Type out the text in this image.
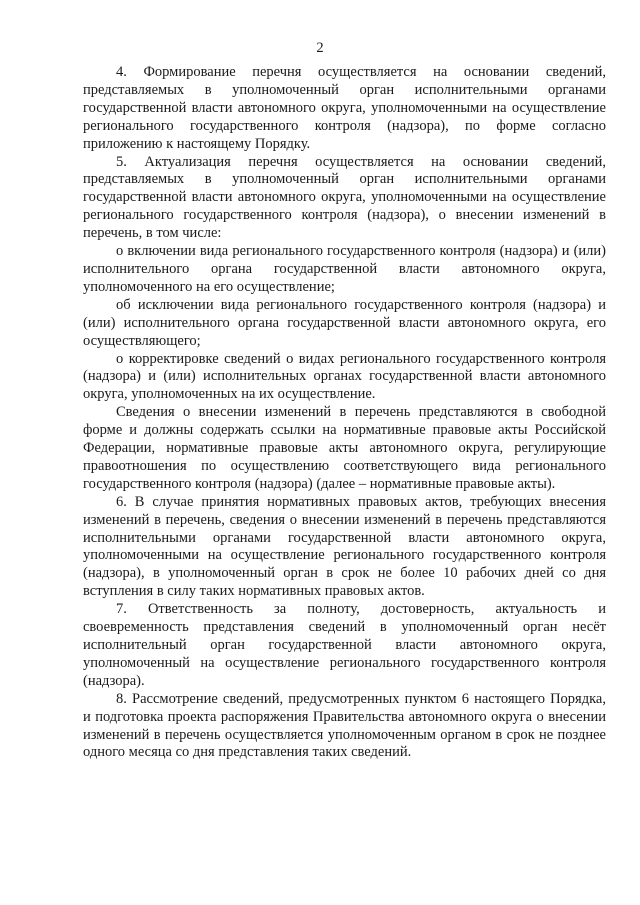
2

4. Формирование перечня осуществляется на основании сведений, представляемых в уполномоченный орган исполнительными органами государственной власти автономного округа, уполномоченными на осуществление регионального государственного контроля (надзора), по форме согласно приложению к настоящему Порядку.

5. Актуализация перечня осуществляется на основании сведений, представляемых в уполномоченный орган исполнительными органами государственной власти автономного округа, уполномоченными на осуществление регионального государственного контроля (надзора), о внесении изменений в перечень, в том числе:

о включении вида регионального государственного контроля (надзора) и (или) исполнительного органа государственной власти автономного округа, уполномоченного на его осуществление;

об исключении вида регионального государственного контроля (надзора) и (или) исполнительного органа государственной власти автономного округа, его осуществляющего;

о корректировке сведений о видах регионального государственного контроля (надзора) и (или) исполнительных органах государственной власти автономного округа, уполномоченных на их осуществление.

Сведения о внесении изменений в перечень представляются в свободной форме и должны содержать ссылки на нормативные правовые акты Российской Федерации, нормативные правовые акты автономного округа, регулирующие правоотношения по осуществлению соответствующего вида регионального государственного контроля (надзора) (далее – нормативные правовые акты).

6. В случае принятия нормативных правовых актов, требующих внесения изменений в перечень, сведения о внесении изменений в перечень представляются исполнительными органами государственной власти автономного округа, уполномоченными на осуществление регионального государственного контроля (надзора), в уполномоченный орган в срок не более 10 рабочих дней со дня вступления в силу таких нормативных правовых актов.

7. Ответственность за полноту, достоверность, актуальность и своевременность представления сведений в уполномоченный орган несёт исполнительный орган государственной власти автономного округа, уполномоченный на осуществление регионального государственного контроля (надзора).

8. Рассмотрение сведений, предусмотренных пунктом 6 настоящего Порядка, и подготовка проекта распоряжения Правительства автономного округа о внесении изменений в перечень осуществляется уполномоченным органом в срок не позднее одного месяца со дня представления таких сведений.
